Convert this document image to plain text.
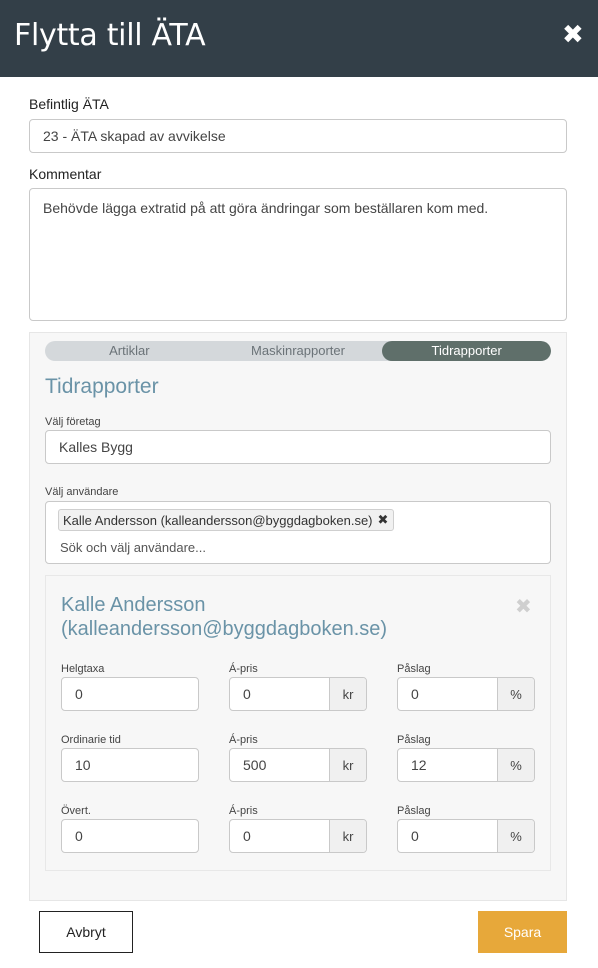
Flytta till ÄTA	✖
Befintlig ÄTA
23 - ÄTA skapad av avvikelse
Kommentar
Behövde lägga extratid på att göra ändringar som beställaren kom med.
Artiklar	Maskinrapporter	Tidrapporter
Tidrapporter
Välj företag
Kalles Bygg
Välj användare
Kalle Andersson (kalleandersson@byggdagboken.se) ✖
Sök och välj användare...
Kalle Andersson
(kalleandersson@byggdagboken.se)
✖
Helgtaxa	Á-pris	Påslag
0	0	kr	0	%
Ordinarie tid	Á-pris	Påslag
10	500	kr	12	%
Övert.	Á-pris	Påslag
0	0	kr	0	%
Avbryt	Spara
